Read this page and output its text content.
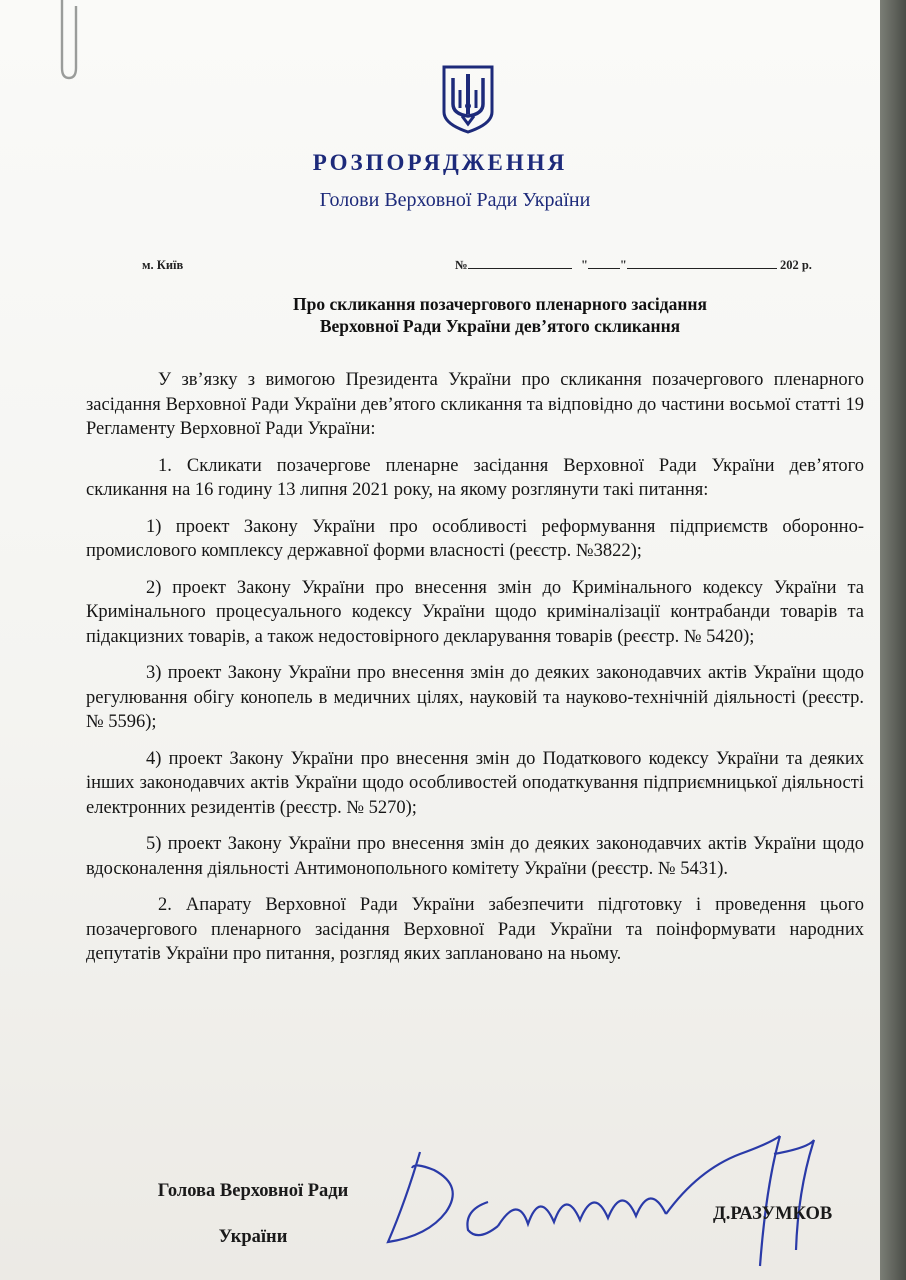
РОЗПОРЯДЖЕННЯ
Голови Верховної Ради України
м. Київ	№	"	"	202 р.
Про скликання позачергового пленарного засідання
Верховної Ради України дев’ятого скликання

У зв’язку з вимогою Президента України про скликання позачергового пленарного засідання Верховної Ради України дев’ятого скликання та відповідно до частини восьмої статті 19 Регламенту Верховної Ради України:

1. Скликати позачергове пленарне засідання Верховної Ради України дев’ятого скликання на 16 годину 13 липня 2021 року, на якому розглянути такі питання:

1) проект Закону України про особливості реформування підприємств оборонно-промислового комплексу державної форми власності (реєстр. №3822);

2) проект Закону України про внесення змін до Кримінального кодексу України та Кримінального процесуального кодексу України щодо криміналізації контрабанди товарів та підакцизних товарів, а також недостовірного декларування товарів (реєстр. № 5420);

3) проект Закону України про внесення змін до деяких законодавчих актів України щодо регулювання обігу конопель в медичних цілях, науковій та науково-технічній діяльності (реєстр. № 5596);

4) проект Закону України про внесення змін до Податкового кодексу України та деяких інших законодавчих актів України щодо особливостей оподаткування підприємницької діяльності електронних резидентів (реєстр. № 5270);

5) проект Закону України про внесення змін до деяких законодавчих актів України щодо вдосконалення діяльності Антимонопольного комітету України (реєстр. № 5431).

2. Апарату Верховної Ради України забезпечити підготовку і проведення цього позачергового пленарного засідання Верховної Ради України та поінформувати народних депутатів України про питання, розгляд яких заплановано на ньому.

Голова Верховної Ради
України
Д.РАЗУМКОВ
